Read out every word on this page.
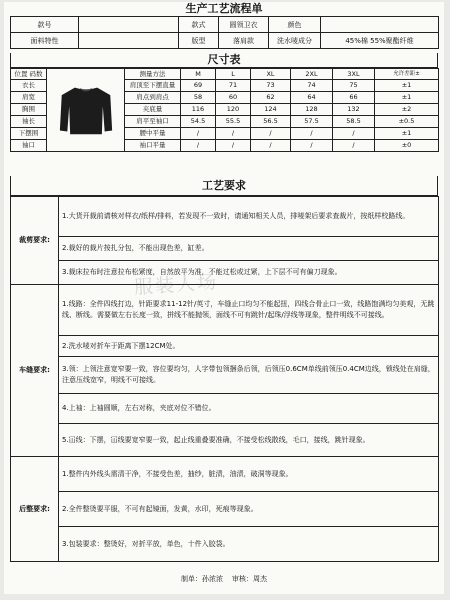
生产工艺流程单
款号		款式	圆领卫衣	颜色	
面料特性		版型	落肩款	洗水唛成分	45%棉 55%聚酯纤维
尺寸表
位置 码数		测量方法	M	L	XL	2XL	3XL	允许差距±

衣长		肩顶至下摆直量	69	71	73	74	75	±1
肩宽		肩点到肩点	58	60	62	64	66	±1
胸围		夹底量	116	120	124	128	132	±2
袖长		肩平至袖口	54.5	55.5	56.5	57.5	58.5	±0.5
下摆围		腰中平量	/	/	/	/	/	±1
袖口		袖口平量	/	/	/	/	/	±0
工艺要求
裁剪要求:	1.大货开裁前请核对样衣/纸样/排料，若发现不一致时，请通知相关人员，排唛架后要求查裁片，按纸样校路线。
	2.裁好的裁片按扎分包，不能出现色差，缸差。
	3.裁床拉布时注意拉布松紧度，自然放平为准，不能过松或过紧，上下层不可有偏刀现象。
车缝要求:	1.线路：全件四线打边，针距要求11-12针/英寸，车缝止口均匀不能起扭，四线合骨止口一致，线路饱满均匀美观，无跳线、断线。需要做左右长度一致，拼线不能抛领，面线不可有跳针/起珠/浮线等现象，整件明线不可接线。
	2.洗水唛对折车于距离下摆12CM处。
	3.领：上领注意宽窄要一致，容位要均匀，人字带包领捆条后领，后领压0.6CM单线前领压0.4CM边线，锁线处在肩缝，注意压线宽窄，明线不可接线。
	4.上袖：上袖圆顺，左右对称，夹底对位不错位。
	5.冚线：下摆，冚线要宽窄要一致，起止线重叠要准确，不接受松线散线，毛口，接线，跳针现象。
后整要求:	1.整件内外线头需清干净，不接受色差，抽纱，脏渍，油渍，破洞等现象。
	2.全件整烫要平服，不可有起镜面，发黄，水印，死痕等现象。
	3.包装要求：整烫好，对折平放，单色，十件入胶袋。
服装人场
制单：孙浓浓 审核：周杰
